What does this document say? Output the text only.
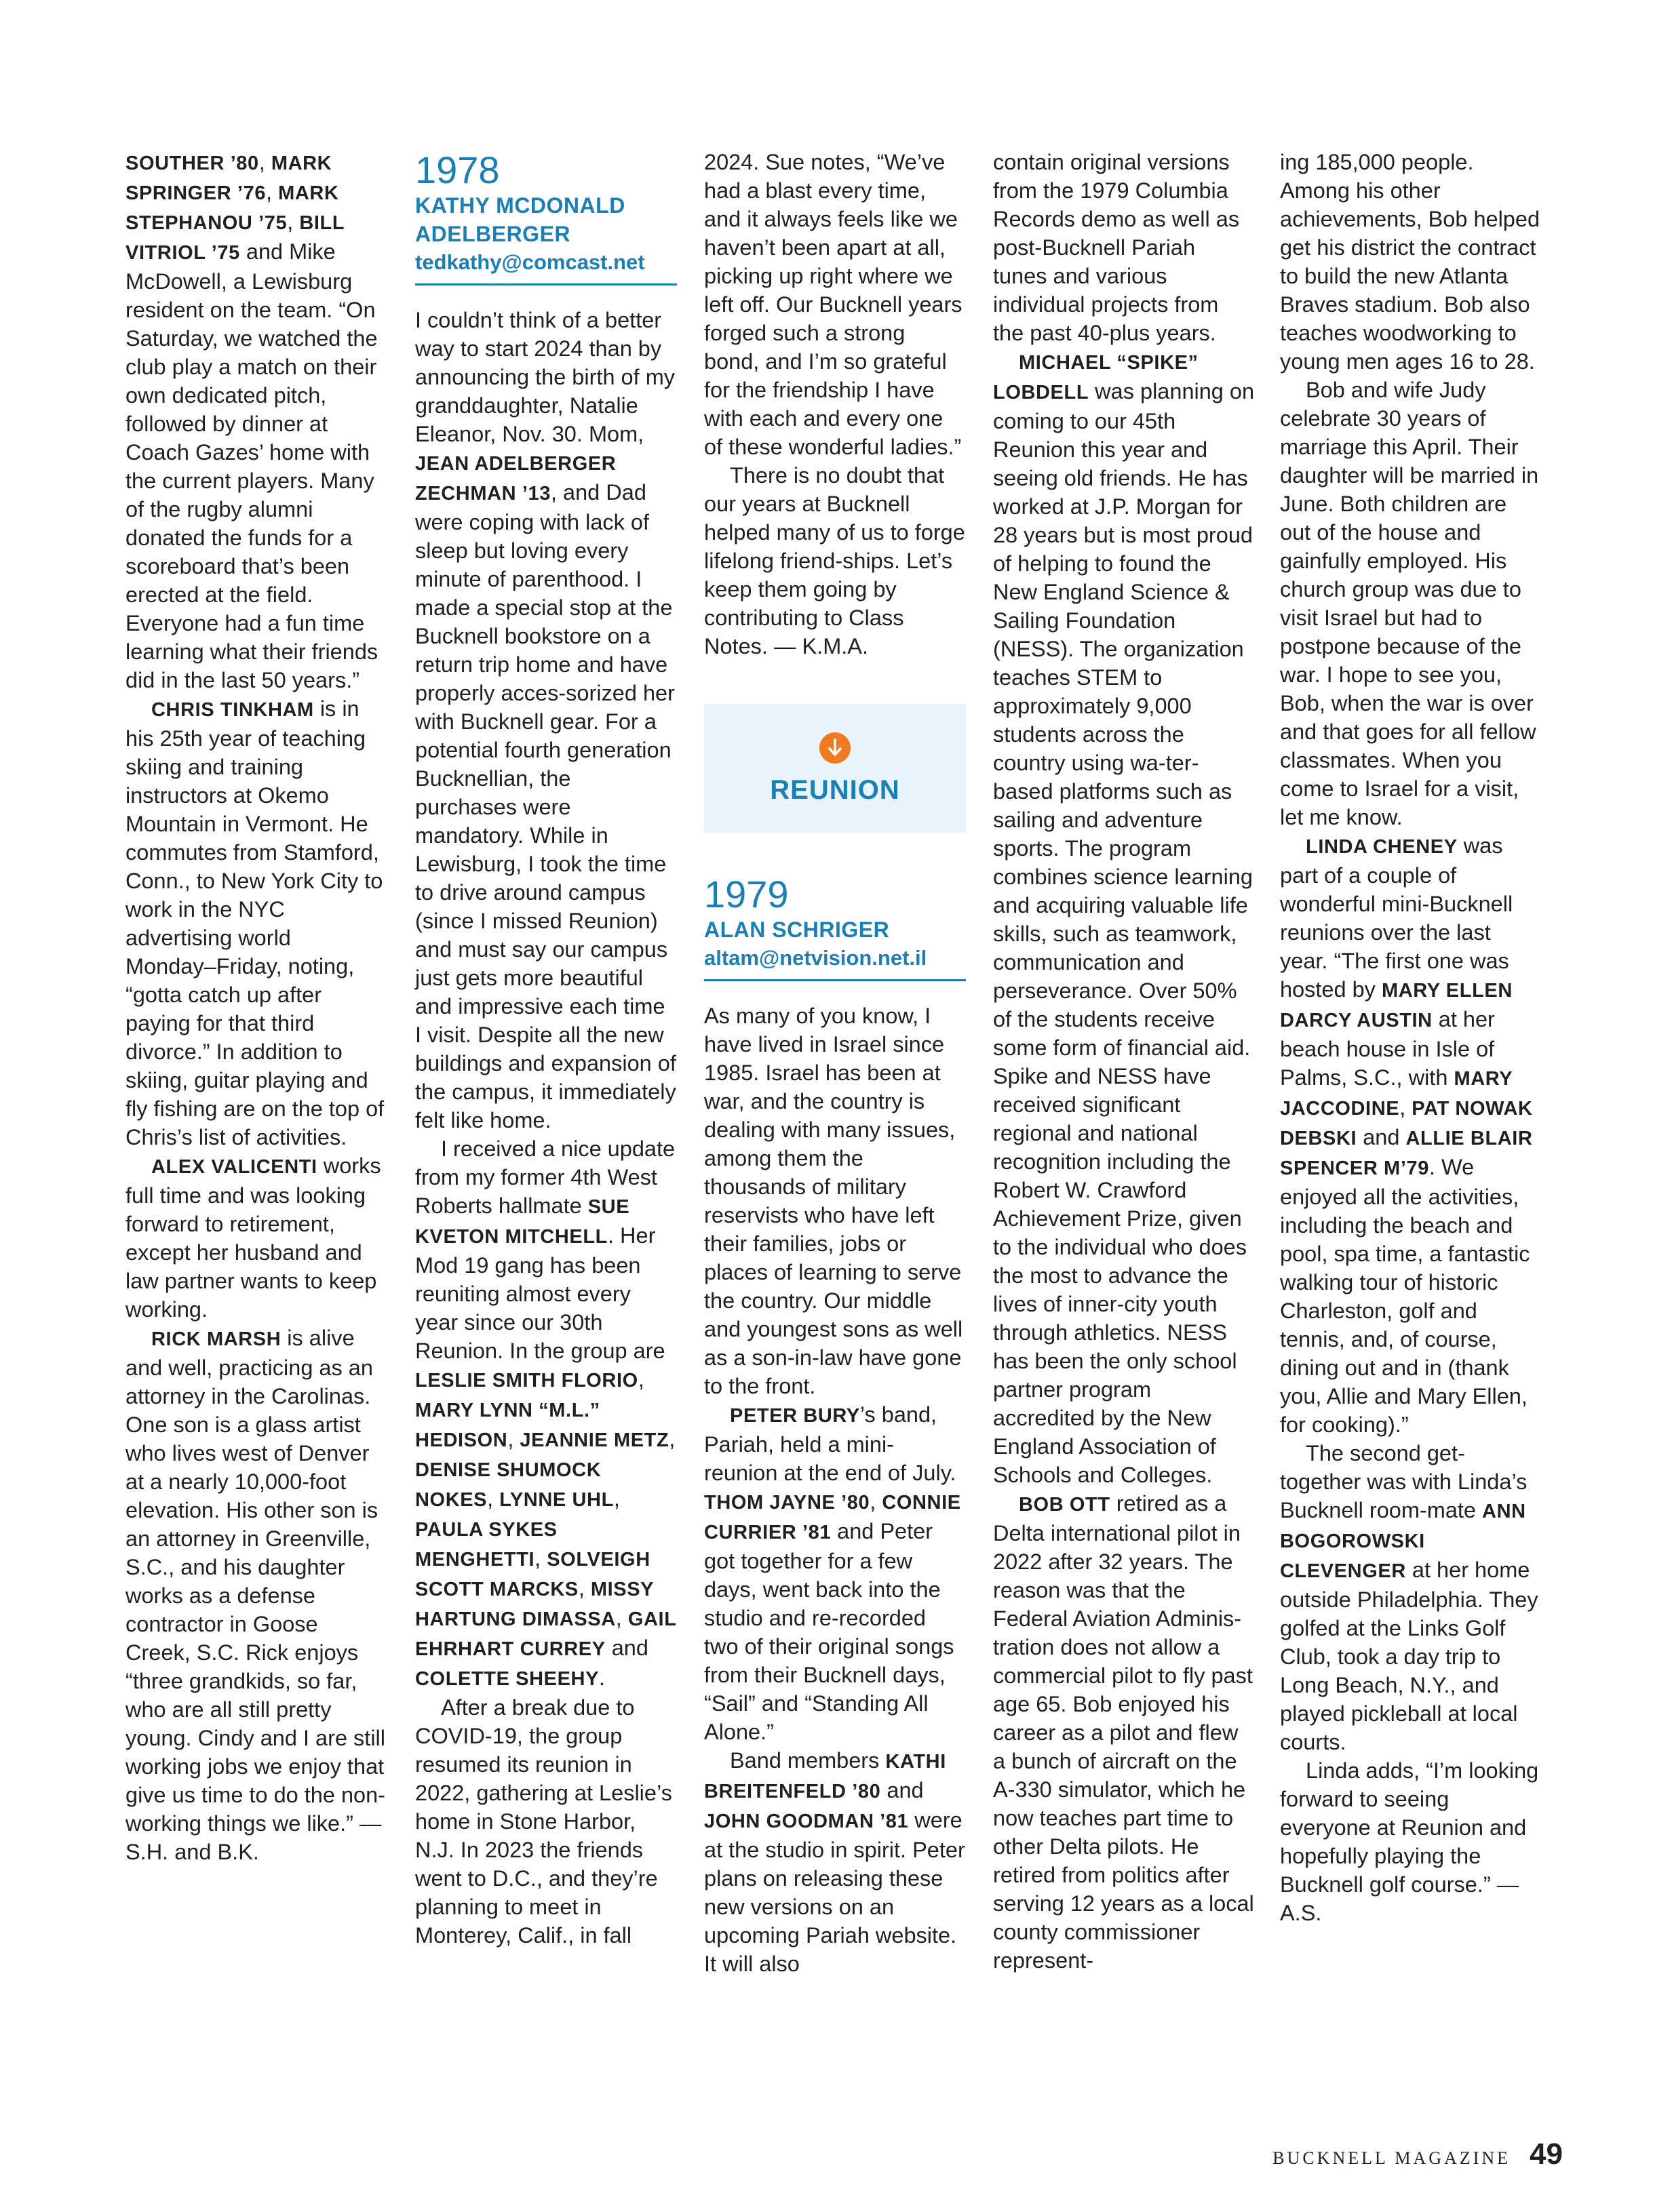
SOUTHER ’80, MARK SPRINGER ’76, MARK STEPHANOU ’75, BILL VITRIOL ’75 and Mike McDowell, a Lewisburg resident on the team. “On Saturday, we watched the club play a match on their own dedicated pitch, followed by dinner at Coach Gazes’ home with the current players. Many of the rugby alumni donated the funds for a scoreboard that’s been erected at the field. Everyone had a fun time learning what their friends did in the last 50 years.”

CHRIS TINKHAM is in his 25th year of teaching skiing and training instructors at Okemo Mountain in Vermont. He commutes from Stamford, Conn., to New York City to work in the NYC advertising world Monday–Friday, noting, “gotta catch up after paying for that third divorce.” In addition to skiing, guitar playing and fly fishing are on the top of Chris’s list of activities.

ALEX VALICENTI works full time and was looking forward to retirement, except her husband and law partner wants to keep working.

RICK MARSH is alive and well, practicing as an attorney in the Carolinas. One son is a glass artist who lives west of Denver at a nearly 10,000-foot elevation. His other son is an attorney in Greenville, S.C., and his daughter works as a defense contractor in Goose Creek, S.C. Rick enjoys “three grandkids, so far, who are all still pretty young. Cindy and I are still working jobs we enjoy that give us time to do the non-working things we like.” — S.H. and B.K.

1978
KATHY MCDONALD ADELBERGER
tedkathy@comcast.net

I couldn’t think of a better way to start 2024 than by announcing the birth of my granddaughter, Natalie Eleanor, Nov. 30. Mom, JEAN ADELBERGER ZECHMAN ’13, and Dad were coping with lack of sleep but loving every minute of parenthood. I made a special stop at the Bucknell bookstore on a return trip home and have properly acces-sorized her with Bucknell gear. For a potential fourth generation Bucknellian, the purchases were mandatory. While in Lewisburg, I took the time to drive around campus (since I missed Reunion) and must say our campus just gets more beautiful and impressive each time I visit. Despite all the new buildings and expansion of the campus, it immediately felt like home.

I received a nice update from my former 4th West Roberts hallmate SUE KVETON MITCHELL. Her Mod 19 gang has been reuniting almost every year since our 30th Reunion. In the group are LESLIE SMITH FLORIO, MARY LYNN “M.L.” HEDISON, JEANNIE METZ, DENISE SHUMOCK NOKES, LYNNE UHL, PAULA SYKES MENGHETTI, SOLVEIGH SCOTT MARCKS, MISSY HARTUNG DIMASSA, GAIL EHRHART CURREY and COLETTE SHEEHY.

After a break due to COVID-19, the group resumed its reunion in 2022, gathering at Leslie’s home in Stone Harbor, N.J. In 2023 the friends went to D.C., and they’re planning to meet in Monterey, Calif., in fall

2024. Sue notes, “We’ve had a blast every time, and it always feels like we haven’t been apart at all, picking up right where we left off. Our Bucknell years forged such a strong bond, and I’m so grateful for the friendship I have with each and every one of these wonderful ladies.”

There is no doubt that our years at Bucknell helped many of us to forge lifelong friend-ships. Let’s keep them going by contributing to Class Notes. — K.M.A.

REUNION
1979
ALAN SCHRIGER
altam@netvision.net.il

As many of you know, I have lived in Israel since 1985. Israel has been at war, and the country is dealing with many issues, among them the thousands of military reservists who have left their families, jobs or places of learning to serve the country. Our middle and youngest sons as well as a son-in-law have gone to the front.

PETER BURY’s band, Pariah, held a mini-reunion at the end of July. THOM JAYNE ’80, CONNIE CURRIER ’81 and Peter got together for a few days, went back into the studio and re-recorded two of their original songs from their Bucknell days, “Sail” and “Standing All Alone.”

Band members KATHI BREITENFELD ’80 and JOHN GOODMAN ’81 were at the studio in spirit. Peter plans on releasing these new versions on an upcoming Pariah website. It will also

contain original versions from the 1979 Columbia Records demo as well as post-Bucknell Pariah tunes and various individual projects from the past 40-plus years.

MICHAEL “SPIKE” LOBDELL was planning on coming to our 45th Reunion this year and seeing old friends. He has worked at J.P. Morgan for 28 years but is most proud of helping to found the New England Science & Sailing Foundation (NESS). The organization teaches STEM to approximately 9,000 students across the country using wa-ter-based platforms such as sailing and adventure sports. The program combines science learning and acquiring valuable life skills, such as teamwork, communication and perseverance. Over 50% of the students receive some form of financial aid. Spike and NESS have received significant regional and national recognition including the Robert W. Crawford Achievement Prize, given to the individual who does the most to advance the lives of inner-city youth through athletics. NESS has been the only school partner program accredited by the New England Association of Schools and Colleges.

BOB OTT retired as a Delta international pilot in 2022 after 32 years. The reason was that the Federal Aviation Adminis-tration does not allow a commercial pilot to fly past age 65. Bob enjoyed his career as a pilot and flew a bunch of aircraft on the A-330 simulator, which he now teaches part time to other Delta pilots. He retired from politics after serving 12 years as a local county commissioner represent-

ing 185,000 people. Among his other achievements, Bob helped get his district the contract to build the new Atlanta Braves stadium. Bob also teaches woodworking to young men ages 16 to 28.

Bob and wife Judy celebrate 30 years of marriage this April. Their daughter will be married in June. Both children are out of the house and gainfully employed. His church group was due to visit Israel but had to postpone because of the war. I hope to see you, Bob, when the war is over and that goes for all fellow classmates. When you come to Israel for a visit, let me know.

LINDA CHENEY was part of a couple of wonderful mini-Bucknell reunions over the last year. “The first one was hosted by MARY ELLEN DARCY AUSTIN at her beach house in Isle of Palms, S.C., with MARY JACCODINE, PAT NOWAK DEBSKI and ALLIE BLAIR SPENCER M’79. We enjoyed all the activities, including the beach and pool, spa time, a fantastic walking tour of historic Charleston, golf and tennis, and, of course, dining out and in (thank you, Allie and Mary Ellen, for cooking).”

The second get-together was with Linda’s Bucknell room-mate ANN BOGOROWSKI CLEVENGER at her home outside Philadelphia. They golfed at the Links Golf Club, took a day trip to Long Beach, N.Y., and played pickleball at local courts.

Linda adds, “I’m looking forward to seeing everyone at Reunion and hopefully playing the Bucknell golf course.” — A.S.

BUCKNELL MAGAZINE 49
